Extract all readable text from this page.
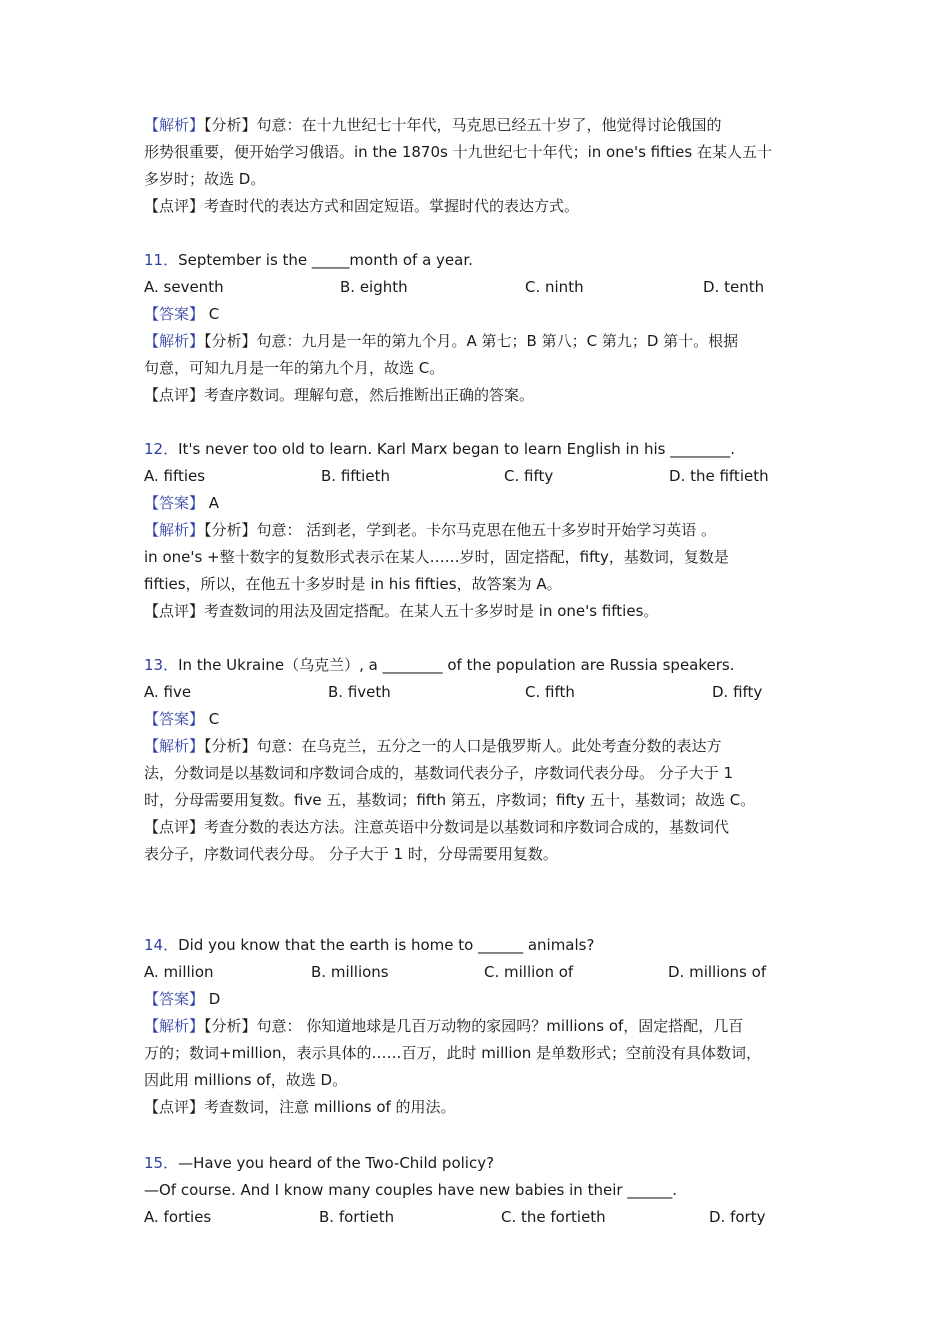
【解析】【分析】句意：在十九世纪七十年代，马克思已经五十岁了，他觉得讨论俄国的
形势很重要，便开始学习俄语。in the 1870s 十九世纪七十年代；in one's fifties 在某人五十
多岁时；故选 D。
【点评】考查时代的表达方式和固定短语。掌握时代的表达方式。
11．September is the _____month of a year.
A. seventh	B. eighth	C. ninth	D. tenth
【答案】 C
【解析】【分析】句意：九月是一年的第九个月。A 第七；B 第八；C 第九；D 第十。根据
句意，可知九月是一年的第九个月，故选 C。
【点评】考查序数词。理解句意，然后推断出正确的答案。
12．It's never too old to learn. Karl Marx began to learn English in his ________.
A. fifties	B. fiftieth	C. fifty	D. the fiftieth
【答案】 A
【解析】【分析】句意： 活到老，学到老。卡尔马克思在他五十多岁时开始学习英语 。
in one's +整十数字的复数形式表示在某人……岁时，固定搭配，fifty，基数词，复数是
fifties，所以，在他五十多岁时是 in his fifties，故答案为 A。
【点评】考查数词的用法及固定搭配。在某人五十多岁时是 in one's fifties。
13．In the Ukraine（乌克兰）, a ________ of the population are Russia speakers.
A. five	B. fiveth	C. fifth	D. fifty
【答案】 C
【解析】【分析】句意：在乌克兰，五分之一的人口是俄罗斯人。此处考查分数的表达方
法，分数词是以基数词和序数词合成的，基数词代表分子，序数词代表分母。 分子大于 1
时，分母需要用复数。five 五，基数词；fifth 第五，序数词；fifty 五十，基数词；故选 C。
【点评】考查分数的表达方法。注意英语中分数词是以基数词和序数词合成的，基数词代
表分子，序数词代表分母。 分子大于 1 时，分母需要用复数。
14．Did you know that the earth is home to ______ animals?
A. million	B. millions	C. million of	D. millions of
【答案】 D
【解析】【分析】句意： 你知道地球是几百万动物的家园吗？millions of，固定搭配，几百
万的；数词+million，表示具体的……百万，此时 million 是单数形式；空前没有具体数词，
因此用 millions of，故选 D。
【点评】考查数词，注意 millions of 的用法。
15．—Have you heard of the Two-Child policy?
—Of course. And I know many couples have new babies in their ______.
A. forties	B. fortieth	C. the fortieth	D. forty
